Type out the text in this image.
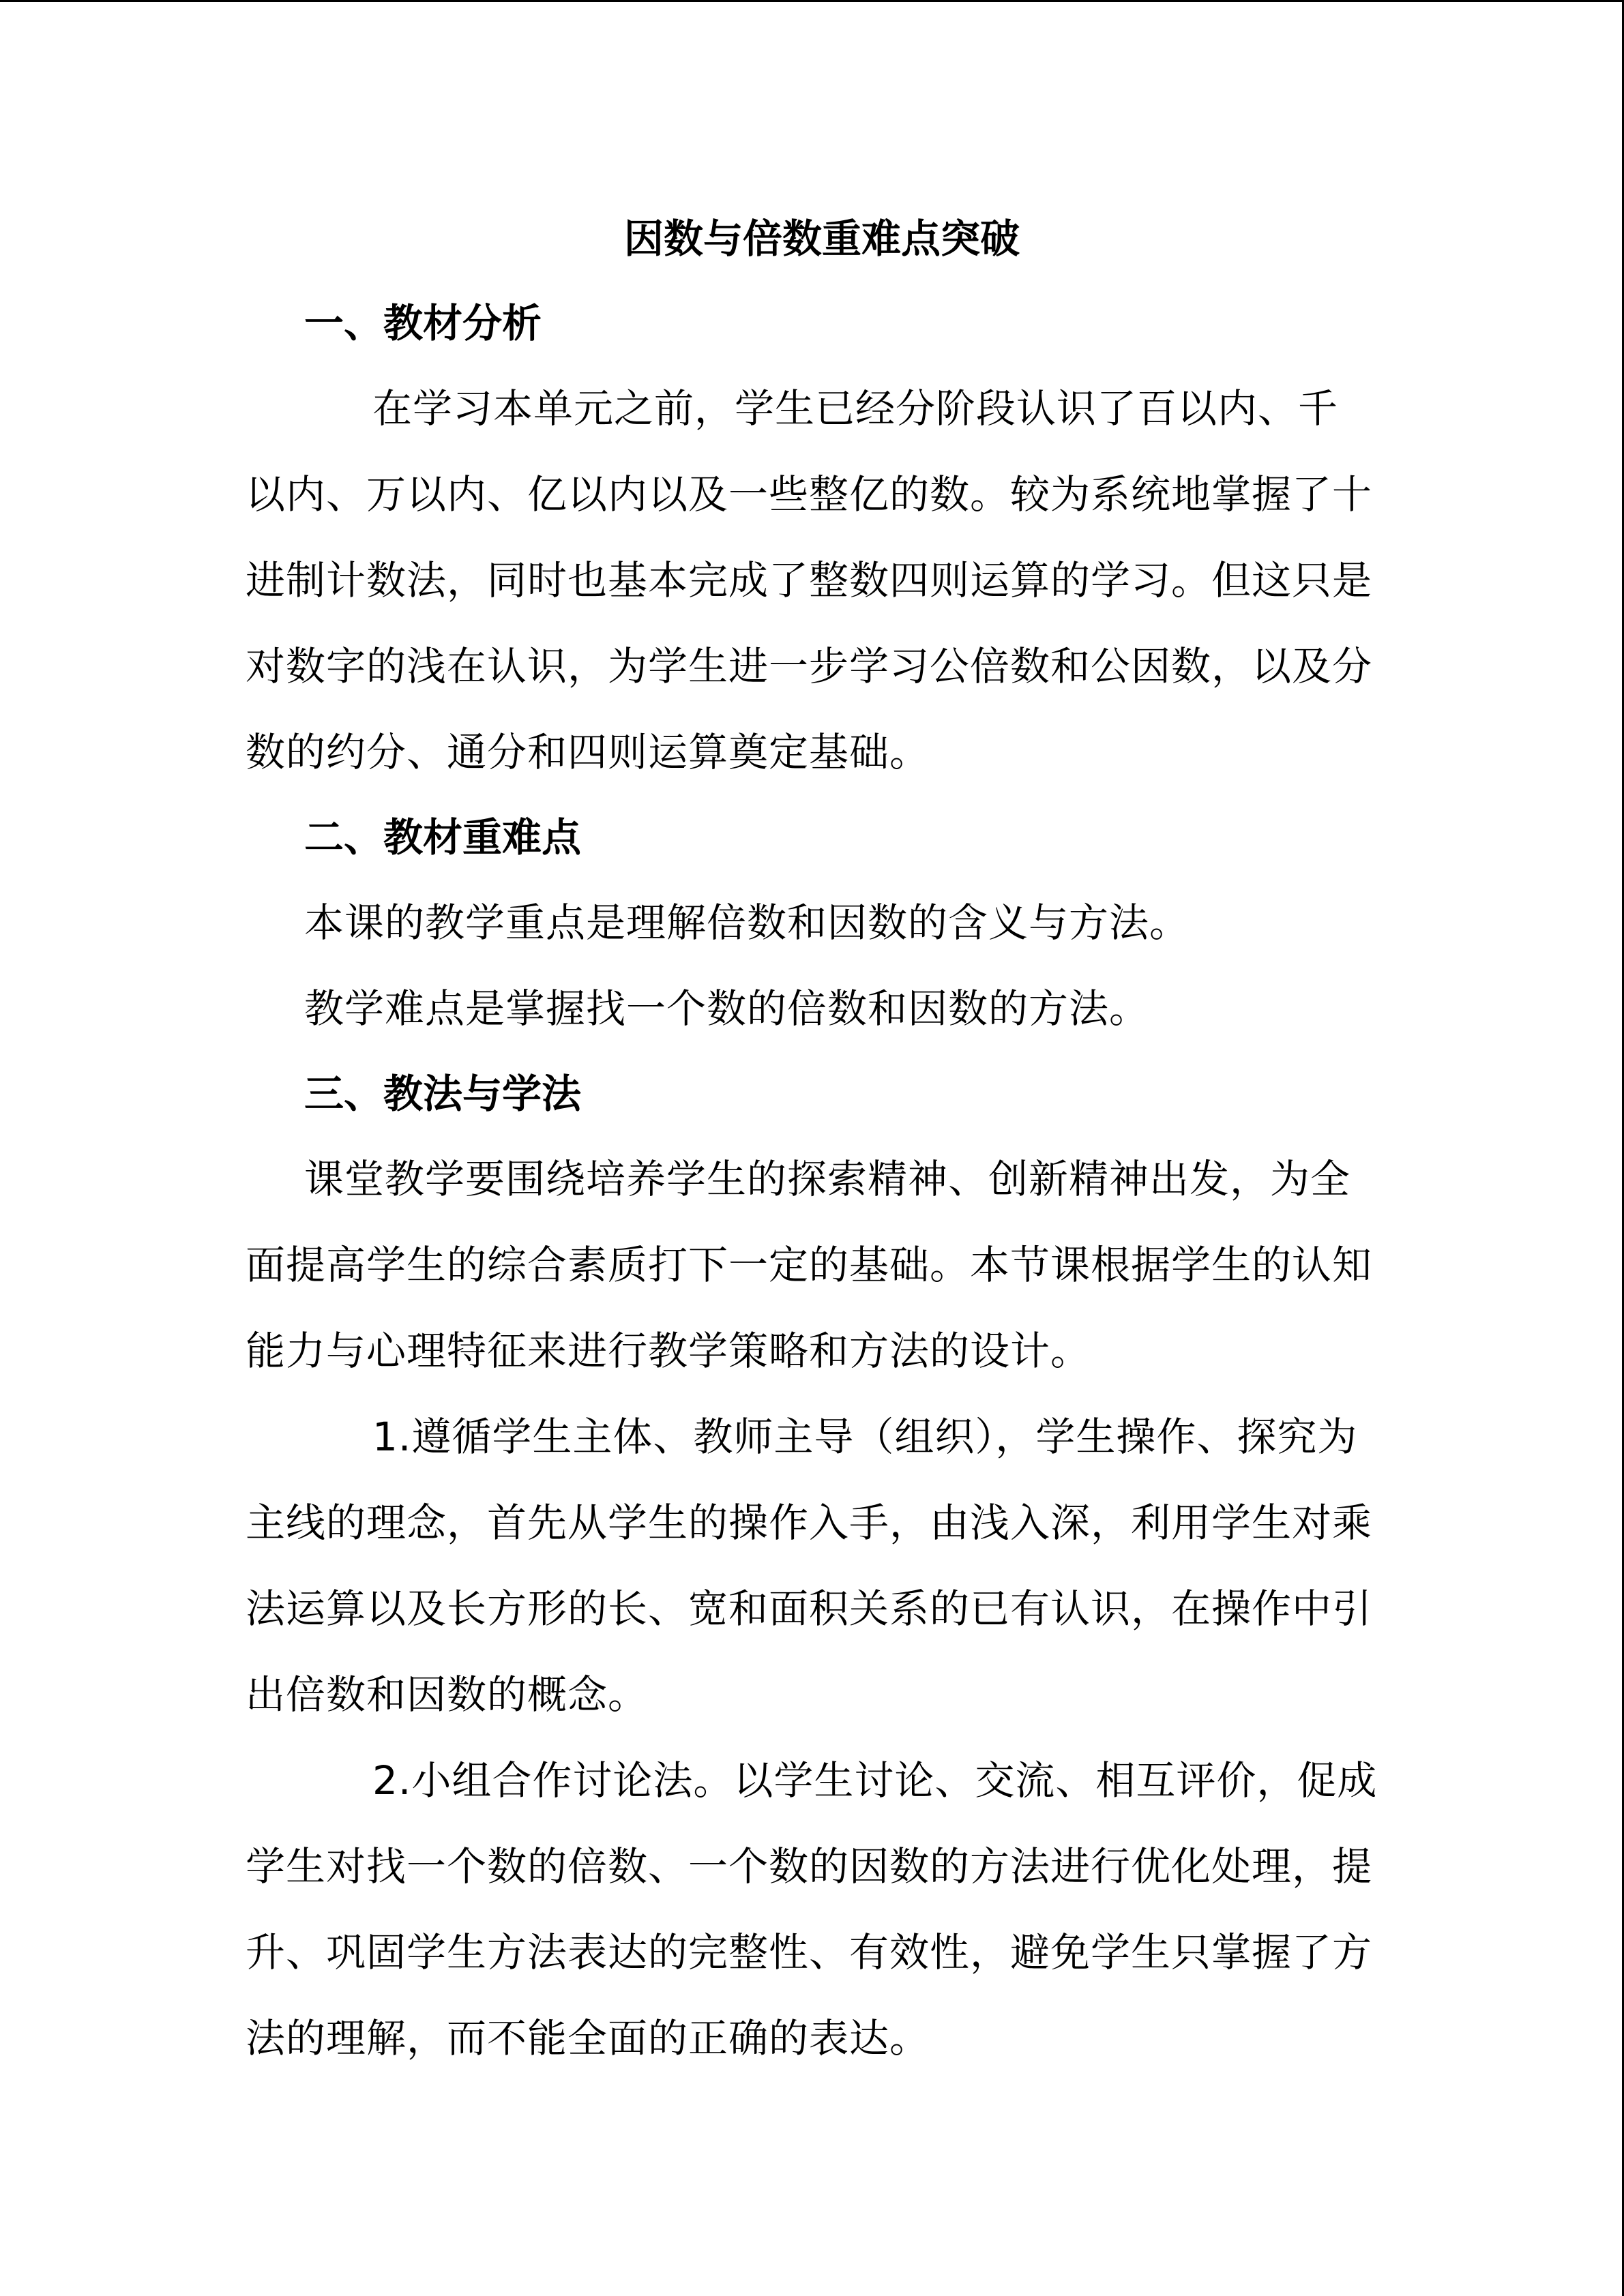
因数与倍数重难点突破
一、教材分析

在学习本单元之前，学生已经分阶段认识了百以内、千以内、万以内、亿以内以及一些整亿的数。较为系统地掌握了十进制计数法，同时也基本完成了整数四则运算的学习。但这只是对数字的浅在认识，为学生进一步学习公倍数和公因数，以及分数的约分、通分和四则运算奠定基础。

二、教材重难点

本课的教学重点是理解倍数和因数的含义与方法。

教学难点是掌握找一个数的倍数和因数的方法。

三、教法与学法

课堂教学要围绕培养学生的探索精神、创新精神出发，为全面提高学生的综合素质打下一定的基础。本节课根据学生的认知能力与心理特征来进行教学策略和方法的设计。

1.遵循学生主体、教师主导（组织），学生操作、探究为主线的理念，首先从学生的操作入手，由浅入深，利用学生对乘法运算以及长方形的长、宽和面积关系的已有认识，在操作中引出倍数和因数的概念。

2.小组合作讨论法。以学生讨论、交流、相互评价，促成学生对找一个数的倍数、一个数的因数的方法进行优化处理，提升、巩固学生方法表达的完整性、有效性，避免学生只掌握了方法的理解，而不能全面的正确的表达。
